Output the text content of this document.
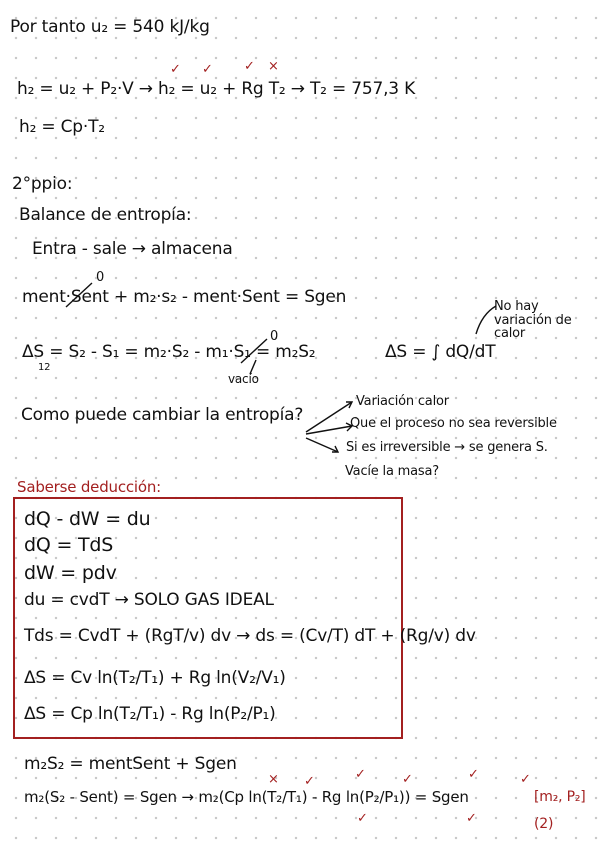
Por tanto u₂ = 540 kJ/kg
h₂ = u₂ + P₂·V → h₂ = u₂ + Rg T₂ → T₂ = 757,3 K
✓ ✓ ✓ ×
h₂ = Cp·T₂
2°ppio:
Balance de entropía:
Entra - sale → almacena
0
ment·Sent + m₂·s₂ - ment·Sent = Sgen
ΔS = S₂ - S₁ = m₂·S₂ - m₁·S₁ = m₂S₂
12
0
vacío
ΔS = ∫ dQ/dT
No hay variación de calor
Como puede cambiar la entropía?
Variación calor
Que el proceso no sea reversible
Si es irreversible → se genera S.
Vacíe la masa?
Saberse deducción:
dQ - dW = du
dQ = TdS
dW = pdv
du = cvdT → SOLO GAS IDEAL
Tds = CvdT + (RgT/v) dv → ds = (Cv/T) dT + (Rg/v) dv
ΔS = Cv ln(T₂/T₁) + Rg ln(V₂/V₁)
ΔS = Cp ln(T₂/T₁) - Rg ln(P₂/P₁)
m₂S₂ = mentSent + Sgen
× ✓	✓	✓	✓	✓
m₂(S₂ - Sent) = Sgen → m₂(Cp ln(T₂/T₁) - Rg ln(P₂/P₁)) = Sgen
✓	✓
[m₂, P₂]
(2)
